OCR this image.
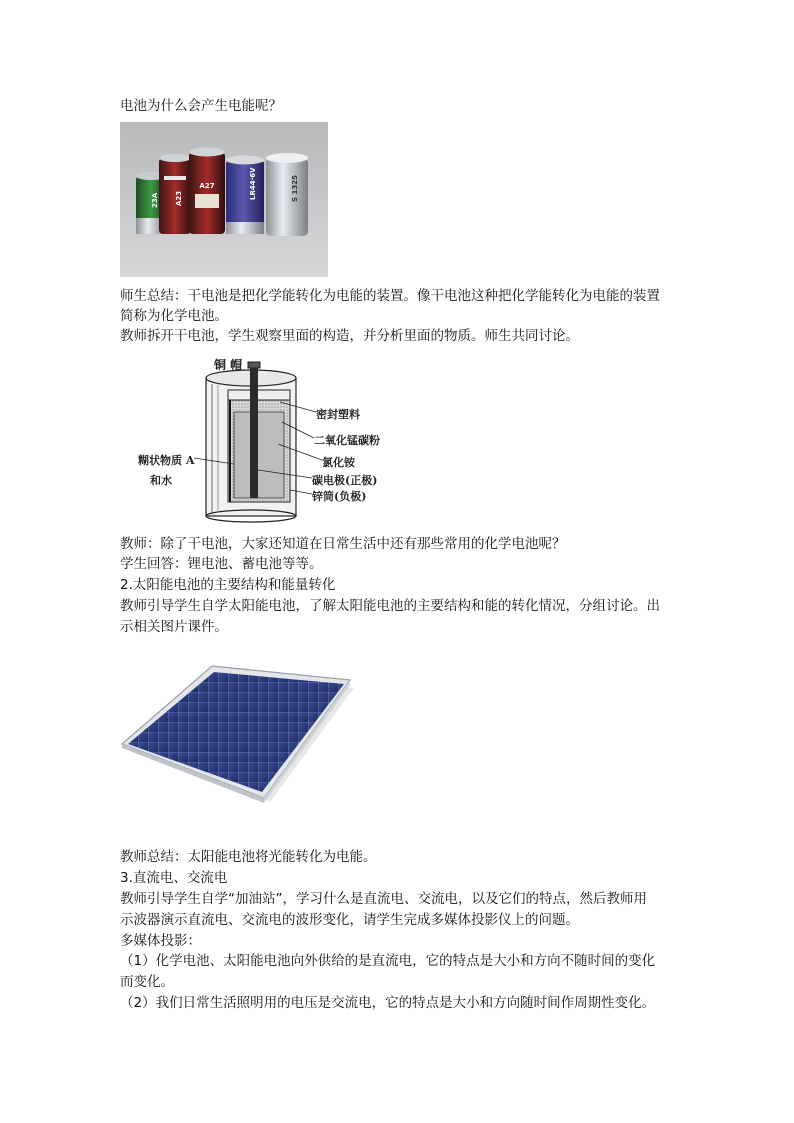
电池为什么会产生电能呢？
23A A23
A27	LR44·6V	S 1325
师生总结：干电池是把化学能转化为电能的装置。像干电池这种把化学能转化为电能的装置
简称为化学电池。
教师拆开干电池，学生观察里面的构造，并分析里面的物质。师生共同讨论。
铜 帽
密封塑料
二氧化锰碳粉
氯化铵
碳电极(正极)
锌筒(负极)
糊状物质 A
和水
教师：除了干电池，大家还知道在日常生活中还有那些常用的化学电池呢？
学生回答：锂电池、蓄电池等等。
2.太阳能电池的主要结构和能量转化
教师引导学生自学太阳能电池，了解太阳能电池的主要结构和能的转化情况，分组讨论。出
示相关图片课件。
教师总结：太阳能电池将光能转化为电能。
3.直流电、交流电
教师引导学生自学“加油站”，学习什么是直流电、交流电，以及它们的特点，然后教师用
示波器演示直流电、交流电的波形变化，请学生完成多媒体投影仪上的问题。
多媒体投影：
（1）化学电池、太阳能电池向外供给的是直流电，它的特点是大小和方向不随时间的变化
而变化。
（2）我们日常生活照明用的电压是交流电，它的特点是大小和方向随时间作周期性变化。
